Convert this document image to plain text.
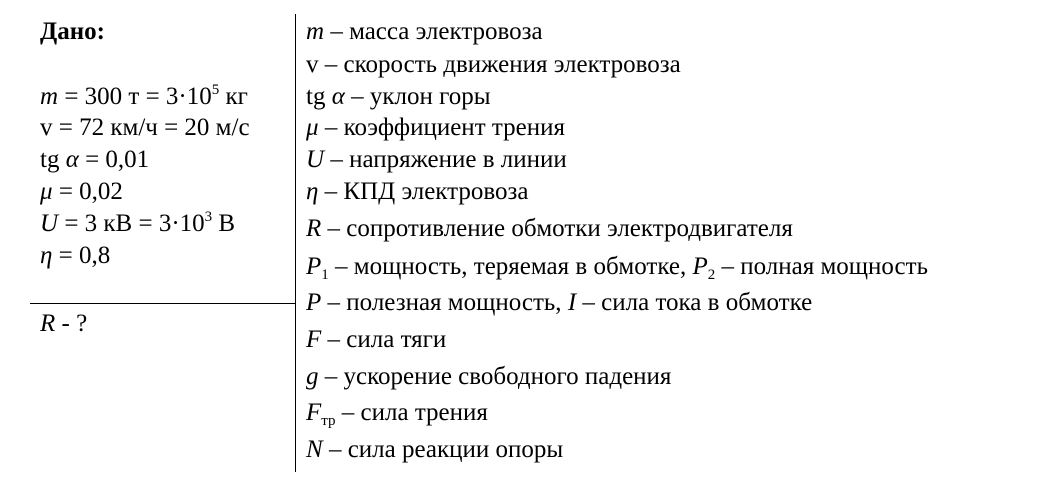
Дано:
m = 300 $т = 3\cdot 10^5$ кг
v = 72 км/ч = 20 м/с
tg α = 0,01
μ = 0,02
U = 3 кВ = $3\cdot 10^3$ В
η = 0,8
R - ?
m – масса электровоза
v – скорость движения электровоза
tg α – уклон горы
μ – коэффициент трения
U – напряжение в линии
η – КПД электровоза
R – сопротивление обмотки электродвигателя
$P_1$ – мощность, теряемая в обмотке, $P_2$ – полная мощность
P – полезная мощность, I – сила тока в обмотке
F – сила тяги
g – ускорение свободного падения
$F_{тр}$ – сила трения
N – сила реакции опоры
